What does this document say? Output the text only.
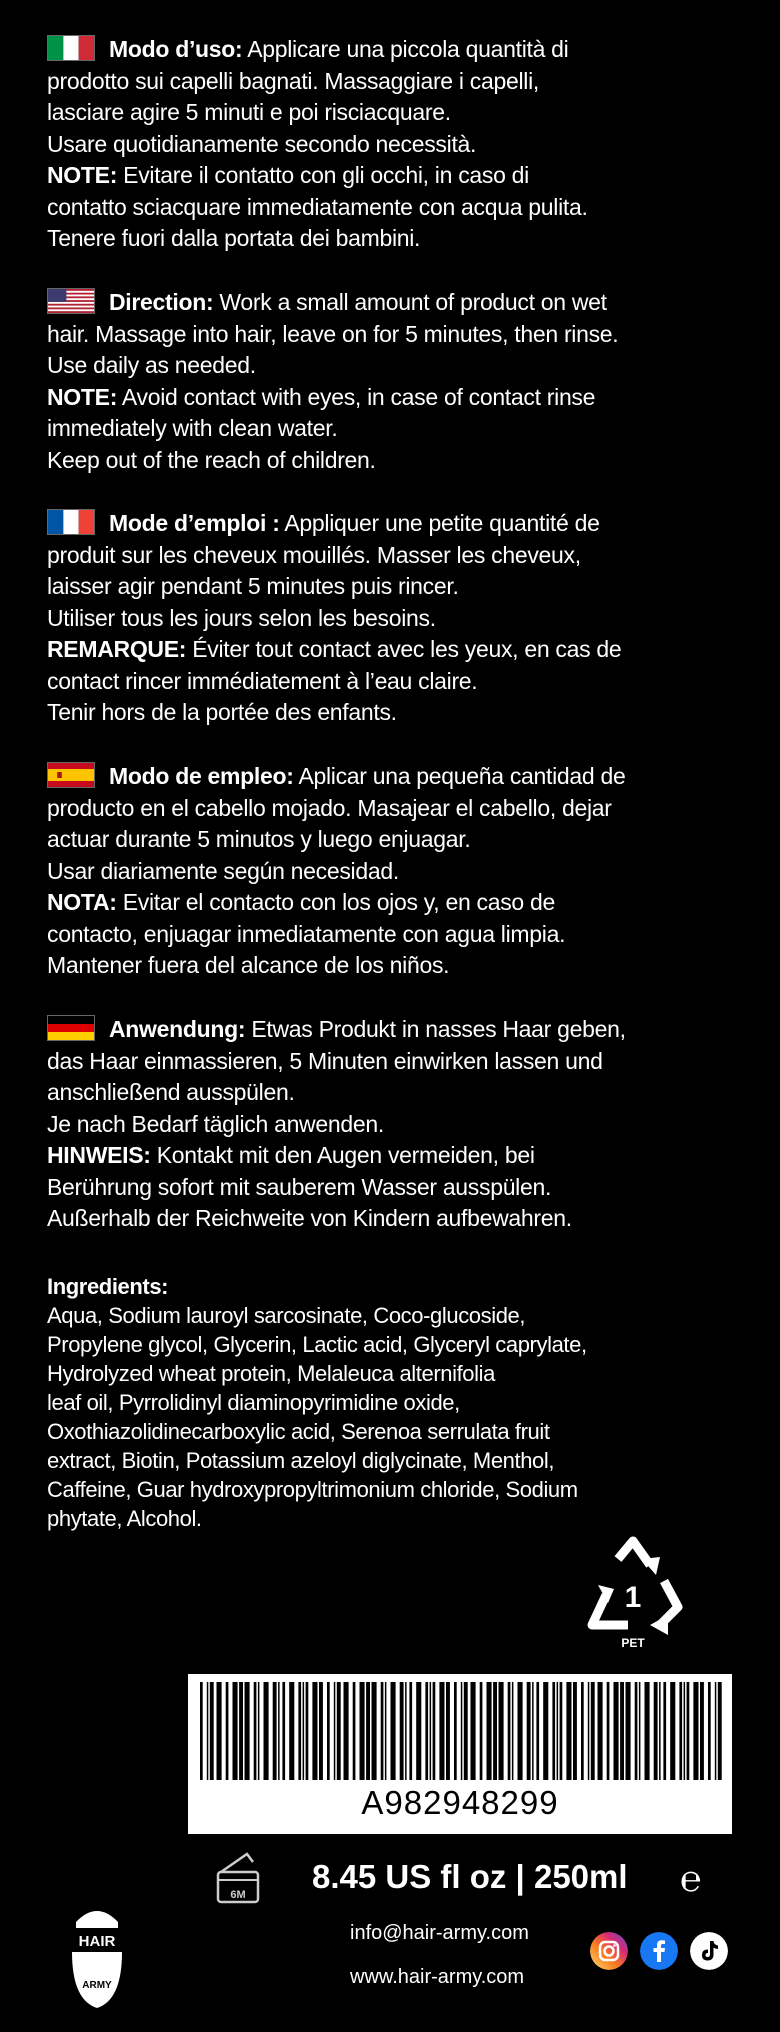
Modo d’uso: Applicare una piccola quantità di
prodotto sui capelli bagnati. Massaggiare i capelli,
lasciare agire 5 minuti e poi risciacquare.
Usare quotidianamente secondo necessità.
NOTE: Evitare il contatto con gli occhi, in caso di
contatto sciacquare immediatamente con acqua pulita.
Tenere fuori dalla portata dei bambini.
Direction: Work a small amount of product on wet
hair. Massage into hair, leave on for 5 minutes, then rinse.
Use daily as needed.
NOTE: Avoid contact with eyes, in case of contact rinse
immediately with clean water.
Keep out of the reach of children.
Mode d’emploi : Appliquer une petite quantité de
produit sur les cheveux mouillés. Masser les cheveux,
laisser agir pendant 5 minutes puis rincer.
Utiliser tous les jours selon les besoins.
REMARQUE: Éviter tout contact avec les yeux, en cas de
contact rincer immédiatement à l’eau claire.
Tenir hors de la portée des enfants.
Modo de empleo: Aplicar una pequeña cantidad de
producto en el cabello mojado. Masajear el cabello, dejar
actuar durante 5 minutos y luego enjuagar.
Usar diariamente según necesidad.
NOTA: Evitar el contacto con los ojos y, en caso de
contacto, enjuagar inmediatamente con agua limpia.
Mantener fuera del alcance de los niños.
Anwendung: Etwas Produkt in nasses Haar geben,
das Haar einmassieren, 5 Minuten einwirken lassen und
anschließend ausspülen.
Je nach Bedarf täglich anwenden.
HINWEIS: Kontakt mit den Augen vermeiden, bei
Berührung sofort mit sauberem Wasser ausspülen.
Außerhalb der Reichweite von Kindern aufbewahren.
Ingredients:
Aqua, Sodium lauroyl sarcosinate, Coco-glucoside,
Propylene glycol, Glycerin, Lactic acid, Glyceryl caprylate,
Hydrolyzed wheat protein, Melaleuca alternifolia
leaf oil, Pyrrolidinyl diaminopyrimidine oxide,
Oxothiazolidinecarboxylic acid, Serenoa serrulata fruit
extract, Biotin, Potassium azeloyl diglycinate, Menthol,
Caffeine, Guar hydroxypropyltrimonium chloride, Sodium
phytate, Alcohol.
1
PET
A982948299
6M 8.45 US fl oz | 250ml ℮
HAIR
ARMY
info@hair-army.com
www.hair-army.com
